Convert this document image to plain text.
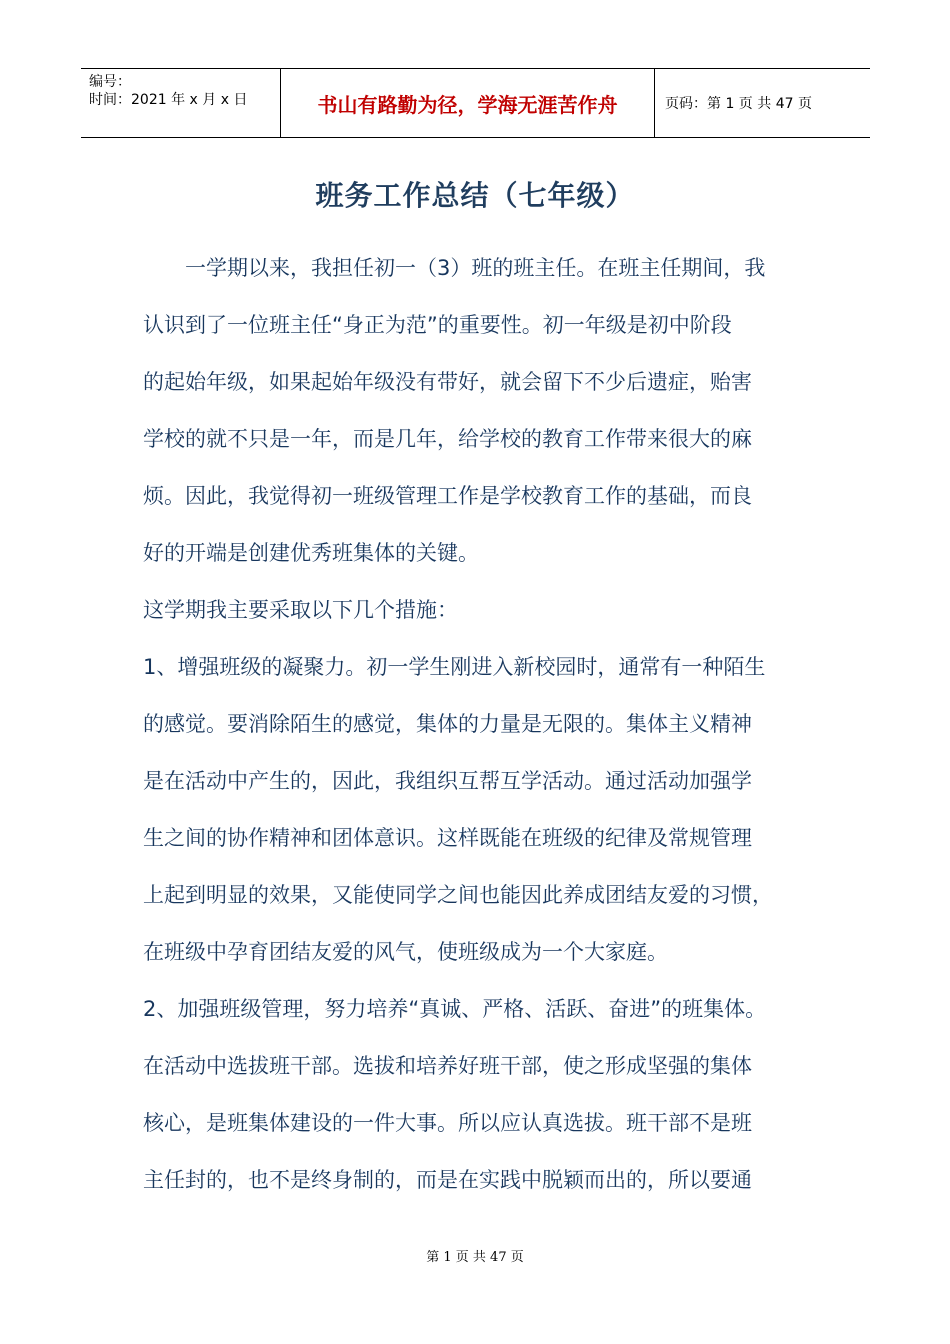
编号：
时间：2021 年 x 月 x 日	书山有路勤为径，学海无涯苦作舟	页码：第 1 页 共 47 页
班务工作总结（七年级）
　　一学期以来，我担任初一（3）班的班主任。在班主任期间，我
认识到了一位班主任“身正为范”的重要性。初一年级是初中阶段
的起始年级，如果起始年级没有带好，就会留下不少后遗症，贻害
学校的就不只是一年，而是几年，给学校的教育工作带来很大的麻
烦。因此，我觉得初一班级管理工作是学校教育工作的基础，而良
好的开端是创建优秀班集体的关键。
这学期我主要采取以下几个措施：
1、增强班级的凝聚力。初一学生刚进入新校园时，通常有一种陌生
的感觉。要消除陌生的感觉，集体的力量是无限的。集体主义精神
是在活动中产生的，因此，我组织互帮互学活动。通过活动加强学
生之间的协作精神和团体意识。这样既能在班级的纪律及常规管理
上起到明显的效果，又能使同学之间也能因此养成团结友爱的习惯，
在班级中孕育团结友爱的风气，使班级成为一个大家庭。
2、加强班级管理，努力培养“真诚、严格、活跃、奋进”的班集体。
在活动中选拔班干部。选拔和培养好班干部，使之形成坚强的集体
核心，是班集体建设的一件大事。所以应认真选拔。班干部不是班
主任封的，也不是终身制的，而是在实践中脱颖而出的，所以要通
第 1 页 共 47 页
